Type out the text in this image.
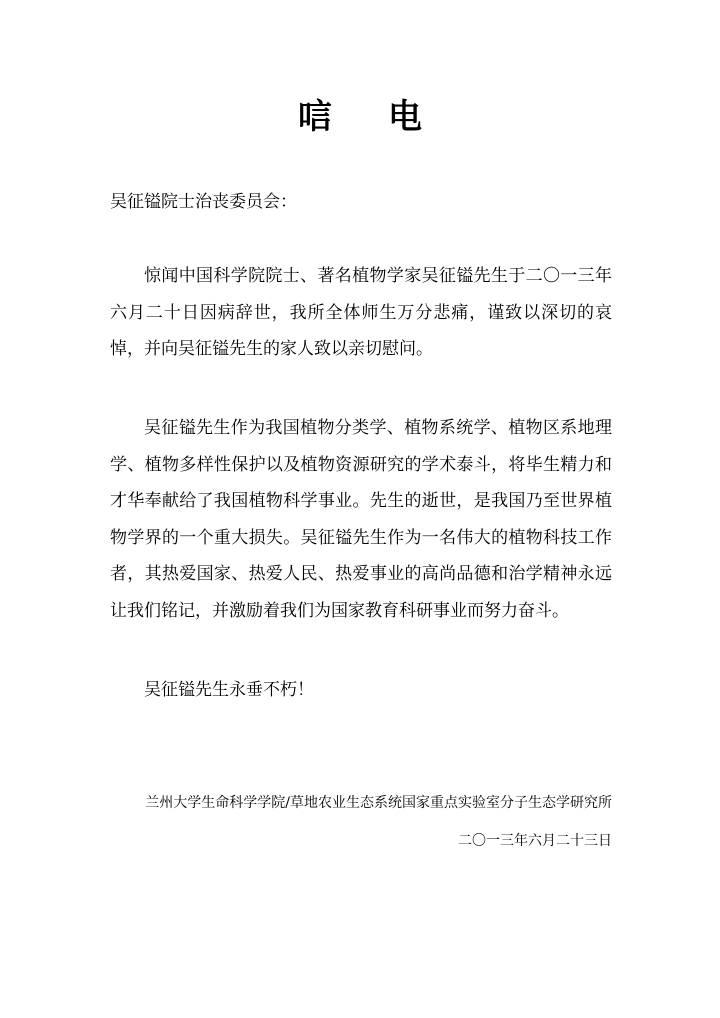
唁电

吴征镒院士治丧委员会：

惊闻中国科学院院士、著名植物学家吴征镒先生于二〇一三年六月二十日因病辞世，我所全体师生万分悲痛，谨致以深切的哀悼，并向吴征镒先生的家人致以亲切慰问。

吴征镒先生作为我国植物分类学、植物系统学、植物区系地理学、植物多样性保护以及植物资源研究的学术泰斗，将毕生精力和才华奉献给了我国植物科学事业。先生的逝世，是我国乃至世界植物学界的一个重大损失。吴征镒先生作为一名伟大的植物科技工作者，其热爱国家、热爱人民、热爱事业的高尚品德和治学精神永远让我们铭记，并激励着我们为国家教育科研事业而努力奋斗。

吴征镒先生永垂不朽！

兰州大学生命科学学院/草地农业生态系统国家重点实验室分子生态学研究所

二〇一三年六月二十三日
